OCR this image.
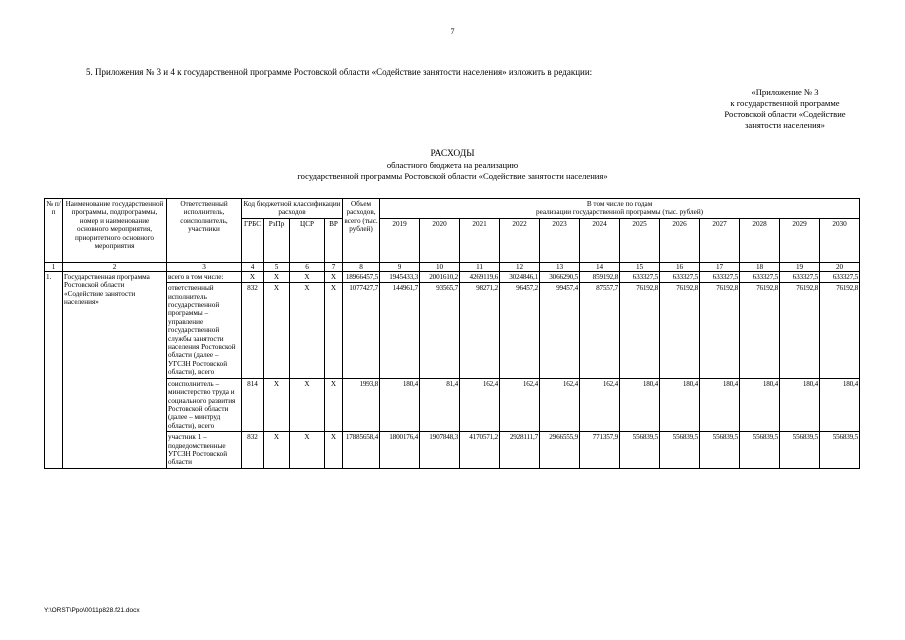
7
5. Приложения № 3 и 4 к государственной программе Ростовской области «Содействие занятости населения» изложить в редакции:
«Приложение № 3
к государственной программе
Ростовской области «Содействие
занятости населения»
РАСХОДЫ
областного бюджета на реализацию
государственной программы Ростовской области «Содействие занятости населения»
№ п/п	Наименование государственной программы, подпрограммы, номер и наименование основного мероприятия, приоритетного основного мероприятия	Ответственный исполнитель, соисполнитель, участники	Код бюджетной классификации расходов				Объем расходов, всего (тыс. рублей)	В том числе по годам
реализации государственной программы (тыс. рублей)											

			ГРБС	РзПр	ЦСР	ВР		2019	2020	2021	2022	2023	2024	2025	2026	2027	2028	2029	2030

1	2	3	4	5	6	7	8	9	10	11	12	13	14	15	16	17	18	19	20
1.	Государственная программа Ростовской области «Содействие занятости населения»	всего в том числе:	Х	Х	Х	Х	18966457,5	1945433,3	2001610,2	4269119,6	3024846,1	3066290,5	859192,8	633327,5	633327,5	633327,5	633327,5	633327,5	633327,5
		ответственный исполнитель государственной программы – управление государственной службы занятости населения Ростовской области (далее – УГСЗН Ростовской области), всего	832	Х	Х	Х	1077427,7	144961,7	93565,7	98271,2	96457,2	99457,4	87557,7	76192,8	76192,8	76192,8	76192,8	76192,8	76192,8
		соисполнитель – министерство труда и социального развития Ростовской области (далее – минтруд области), всего	814	Х	Х	Х	1993,8	180,4	81,4	162,4	162,4	162,4	162,4	180,4	180,4	180,4	180,4	180,4	180,4
		участник 1 – подведомственные УГСЗН Ростовской области	832	Х	Х	Х	17885658,4	1800176,4	1907848,3	4170571,2	2928111,7	2966555,9	771357,9	556839,5	556839,5	556839,5	556839,5	556839,5	556839,5
Y:\ORST\Ppo\0011p828.f21.docx
